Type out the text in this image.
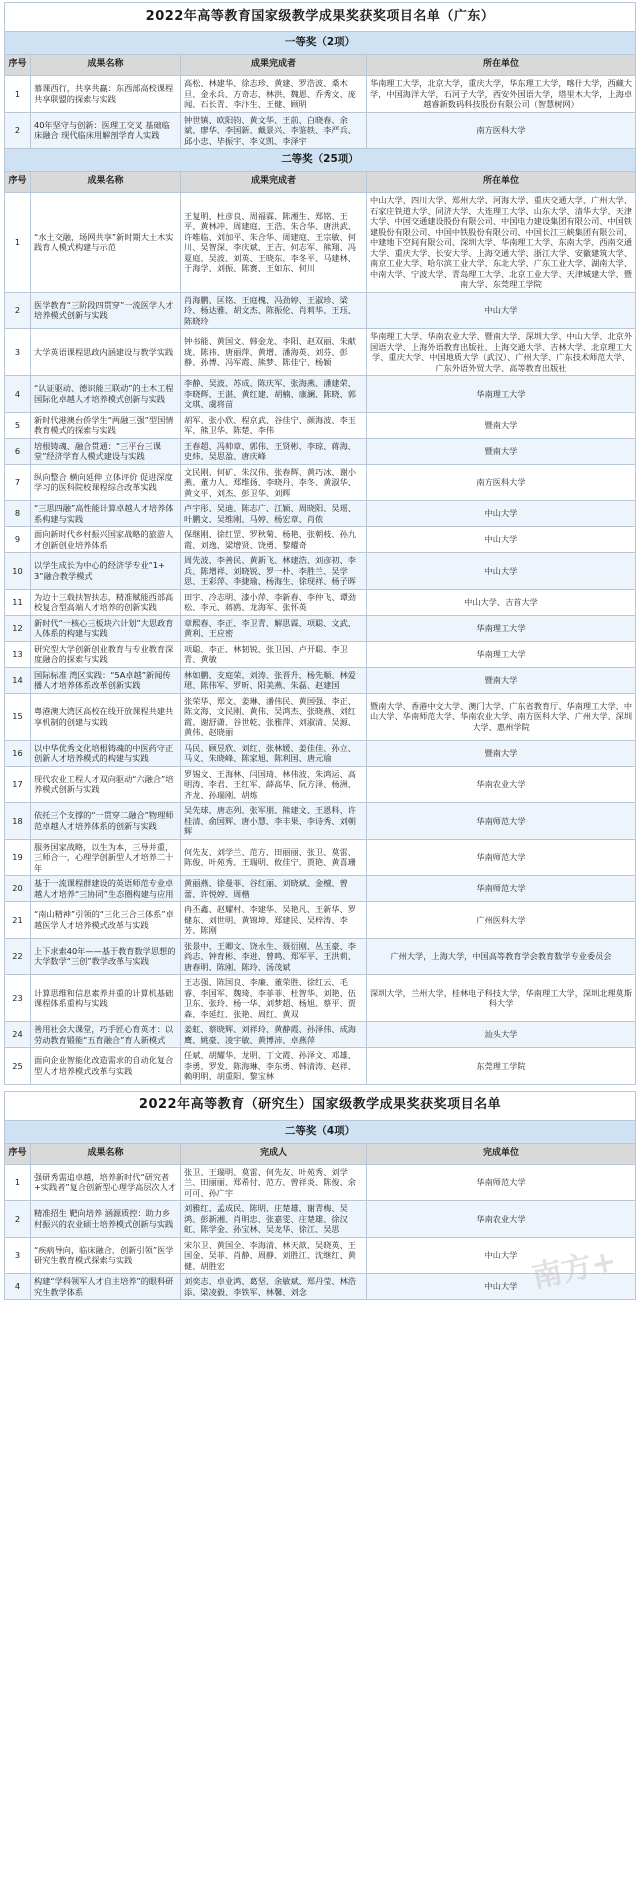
2022年高等教育国家级教学成果奖获奖项目名单（广东）			
一等奖（2项）			
序号	成果名称	成果完成者	所在单位
1	慕课西行，共享共赢：东西部高校课程共享联盟的探索与实践	高松、林建华、徐志珍、黄建、罗浩波、桑木旦、金永兵、方奇志、林洪、魏恩、乔秀文、庞闻、石长青、李汴生、王健、顾明	华南理工大学，北京大学，重庆大学，华东理工大学，喀什大学，西藏大学，中国海洋大学，石河子大学，西安外国语大学，塔里木大学，上海卓越睿新数码科技股份有限公司（智慧树网）
2	40年坚守与创新：医理工交叉 基础临床融合 现代临床用解剖学育人实践	钟世镇、欧阳钧、黄文华、王前、白晓春、余斌、廖华、李国新、戴景兴、李鉴轶、李严兵、邱小忠、毕振宇、李义凯、李泽宇	南方医科大学
二等奖（25项）			
序号	成果名称	成果完成者	所在单位
1	“水土交融，场网共享”新时期大土木实践育人模式构建与示范	王复明、杜彦良、周福霖、陈湘生、郑铭、王平、黄林冲、周建庭、王浩、朱合华、唐洪武、许唯临、刘加平、朱合华、周建庭、王宗敏、何川、吴智深、李庆斌、王吉、何志军、熊翔、冯夏庭、吴波、刘英、王晓东、李冬平、马建林、于海学、刘振、陈赛、王如东、何川	中山大学、四川大学、郑州大学、河海大学、重庆交通大学、广州大学、石家庄铁道大学、同济大学、大连理工大学、山东大学、清华大学、天津大学、中国交通建设股份有限公司、中国电力建设集团有限公司、中国铁建股份有限公司、中国中铁股份有限公司、中国长江三峡集团有限公司、中建地下空间有限公司、深圳大学、华南理工大学、东南大学、西南交通大学、重庆大学、长安大学、上海交通大学、浙江大学、安徽建筑大学、南京工业大学、哈尔滨工业大学、东北大学、广东工业大学、湖南大学、中南大学、宁波大学、青岛理工大学、北京工业大学、天津城建大学、暨南大学、东莞理工学院
2	医学教育“三阶段四贯穿”一流医学人才培养模式创新与实践	肖海鹏、匡铭、王庭槐、冯劲婷、王淑珍、梁玲、杨达雅、胡文杰、陈振伦、肖莉华、王珏、陈晓玲	中山大学
3	大学英语课程思政内涵建设与教学实践	钟书能、黄国文、韩金龙、李阳、赵双丽、朱献珑、陈祎、唐丽萍、黄增、潘海英、刘芬、彭静、孙博、冯军霞、熊梦、陈佳宁、杨颖	华南理工大学、华南农业大学、暨南大学、深圳大学、中山大学、北京外国语大学、上海外语教育出版社、上海交通大学、吉林大学、北京理工大学、重庆大学、中国地质大学（武汉）、广州大学、广东技术师范大学、广东外语外贸大学、高等教育出版社
4	“认证驱动、德识能三联动”的土木工程国际化卓越人才培养模式创新与实践	李静、吴波、苏成、陈庆军、张海燕、潘建荣、李晓辉、王湛、黄红建、胡楠、康澜、陈晓、郭文琪、虞将苗	华南理工大学
5	新时代港澳台侨学生“两融三强”型国情教育模式的探索与实践	胡军、张小欣、程京武、谷佳宁、颜海波、李玉军、熊卫华、陈楚、李伟	暨南大学
6	培根铸魂、融合贯通：“三平台三课堂”经济学育人模式建设与实践	王春超、冯帅章、郭伟、王贤彬、李琼、蒋海、史炜、吴思盈、唐庆峰	暨南大学
7	纵向整合 横向延伸 立体评价 促进深度学习的医科院校课程综合改革实践	文民刚、何矿、朱汉伟、张春辉、黄巧冰、谢小燕、董力人、郑维扬、李晓丹、李冬、黄淑华、黄文平、刘杰、彭卫华、刘辉	南方医科大学
8	“三思四融”高性能计算卓越人才培养体系构建与实践	卢宇彤、吴迪、陈志广、江颖、周晓阳、吴瑶、叶鹏文、吴维刚、马婷、杨宏章、肖侬	中山大学
9	面向新时代乡村振兴国家战略的旅游人才创新创业培养体系	保继刚、徐红罡、罗秋菊、杨艳、张朝枝、孙九霞、刘逸、梁增贤、饶勇、黎耀奇	中山大学
10	以学生成长为中心的经济学专业“1+3”融合教学模式	周先波、李善民、黄新飞、林建浩、刘彦初、李兵、陈增祥、刘晓锐、罗一朴、李胜兰、吴学思、王彩萍、李捷瑜、杨海生、徐现祥、杨子晖	中山大学
11	为边十三载扶智扶志，精准赋能西部高校复合型高端人才培养的创新实践	田宇、冷志明、漆小萍、李新春、李仲飞、谭劲松、李元、蒋鸥、龙海军、张怀英	中山大学、吉首大学
12	新时代“一核心三板块六计划”大思政育人体系的构建与实践	章熙春、李正、李卫青、解思霖、项聪、文武、黄利、王应密	华南理工大学
13	研究型大学创新创业教育与专业教育深度融合的探索与实践	项聪、李正、林韧锐、张卫国、卢开聪、李卫青、黄敏	华南理工大学
14	国际标准 湾区实践：“5A卓越”新闻传播人才培养体系改革创新实践	林如鹏、支庭荣、刘涛、张晋升、杨先顺、林爱珺、陈伟军、罗昕、阳美燕、朱磊、赵建国	暨南大学
15	粤港澳大湾区高校在线开放课程共建共享机制的创建与实践	张荣华、郑文、姜琳、潘伟民、黄国强、李正、陈文海、文民刚、黄伟、吴鸿杰、张晓燕、刘红霞、谢舒潇、谷世乾、张雅萍、刘淑清、吴源、黄伟、赵晓丽	暨南大学、香港中文大学、澳门大学、广东省教育厅、华南理工大学、中山大学、华南师范大学、华南农业大学、南方医科大学、广州大学、深圳大学、惠州学院
16	以中华优秀文化培根铸魂的中医药守正创新人才培养模式的构建与实践	马民、顾昱欣、刘红、张林媛、姜佳佳、孙立、马义、朱晓峰、陈家旭、陈利国、唐元瑜	暨南大学
17	现代农业工程人才双向驱动“六融合”培养模式创新与实践	罗锡文、王海林、闫国琦、林伟波、朱鸿运、高明涛、李君、王红军、薛高华、阮方泽、杨洲、齐龙、孙瑞刚、胡炼	华南农业大学
18	依托三个支撑的“一贯穿二融合”物理师范卓越人才培养体系的创新与实践	吴先球、唐志列、张军朋、熊建文、王恩科、许桂清、俞国辉、唐小慧、李丰果、李诗秀、刘朝辉	华南师范大学
19	服务国家战略，以生为本，三导并重，三师合一，心理学创新型人才培养二十年	何先友、刘学兰、范方、田丽丽、张卫、莫雷、陈俊、叶苑秀、王瑞明、攸佳宁、贾艳、黄喜珊	华南师范大学
20	基于一流课程群建设的英语师范专业卓越人才培养“三协同”生态圈构建与应用	黄丽燕、徐曼菲、谷红丽、刘晓斌、金檀、曾蕾、许悦婷、周楷	华南师范大学
21	“南山精神”引领的“三化三合三体系”卓越医学人才培养模式改革与实践	冉丕鑫、赵耀村、李建华、吴艳凡、王新华、罗健东、刘世明、黄锦坤、郑建民、吴梓涛、李芳、陈刚	广州医科大学
22	上下求索40年——基于教育数学思想的大学数学“三创”教学改革与实践	张景中、王卿文、饶永生、聂衍刚、丛玉豪、李尚志、钟育彬、李进、曾鸣、郑军平、王洪莉、唐春明、陈刚、陈玲、汤茂斌	广州大学，上海大学，中国高等教育学会教育数学专业委员会
23	计算思维和信息素养并重的计算机基础课程体系重构与实践	王志强、陈国良、李廉、董荣胜、徐红云、毛睿、李国军、魏琦、李菲菲、杜智华、刘艳、伍卫东、张玲、杨一华、刘梦超、杨旭、蔡平、贾森、李延红、张艳、周红、黄双	深圳大学，兰州大学，桂林电子科技大学，华南理工大学，深圳北理莫斯科大学
24	善用社会大课堂，巧手匠心育英才：以劳动教育锻能“五育融合”育人新模式	姜虹、蔡晓辉、刘祥玲、黄静霞、孙泽伟、成海鹰、姚豪、凌宇敏、黄博沛、卓燕萍	汕头大学
25	面向企业智能化改造需求的自动化复合型人才培养模式改革与实践	任斌、胡耀华、龙明、丁文霞、孙泽文、邓雄、李勇、罗发、陈海琳、李东勇、韩清涛、赵祥、赖明明、胡重阳、黎宝林	东莞理工学院
2022年高等教育（研究生）国家级教学成果奖获奖项目名单			
二等奖（4项）			
序号	成果名称	完成人	完成单位
1	强研秀需追卓越，培养新时代“研究者+实践者”复合创新型心理学高层次人才	张卫、王瑞明、莫雷、何先友、叶苑秀、刘学兰、田丽丽、郑希付、范方、曾祥炎、陈俊、余可可、孙广宇	华南师范大学
2	精准招生 靶向培养 涵源质控：助力乡村振兴的农业硕士培养模式创新与实践	刘雅红、孟成民、陈明、庄楚雄、谢青梅、吴鸿、彭新湘、肖明忠、张嘉雯、庄楚雄、徐汉虹、陈学金、孙宝林、吴龙华、徐江、吴思	华南农业大学
3	“疾病导向，临床融合，创新引领”医学研究生教育模式探索与实践	宋尔卫、黄国全、李海清、林天歆、吴晓英、王国金、吴菲、肖静、周静、刘胜江、沈继红、黄健、胡胜宏	中山大学
4	构建“学科领军人才自主培养”的眼科研究生教学体系	刘奕志、卓业鸿、葛坚、余敏斌、郑丹莹、林浩添、梁凌毅、李铁军、林馨、刘念	中山大学 南方+
